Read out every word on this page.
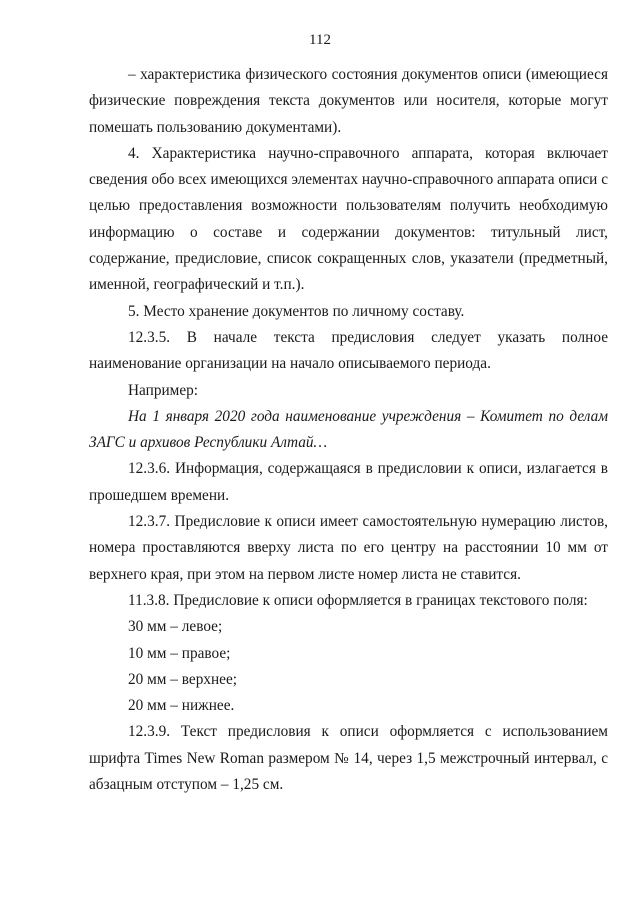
112

– характеристика физического состояния документов описи (имеющиеся физические повреждения текста документов или носителя, которые могут помешать пользованию документами).

4. Характеристика научно-справочного аппарата, которая включает сведения обо всех имеющихся элементах научно-справочного аппарата описи с целью предоставления возможности пользователям получить необходимую информацию о составе и содержании документов: титульный лист, содержание, предисловие, список сокращенных слов, указатели (предметный, именной, географический и т.п.).

5. Место хранение документов по личному составу.

12.3.5. В начале текста предисловия следует указать полное наименование организации на начало описываемого периода.

Например:

На 1 января 2020 года наименование учреждения – Комитет по делам ЗАГС и архивов Республики Алтай…

12.3.6. Информация, содержащаяся в предисловии к описи, излагается в прошедшем времени.

12.3.7. Предисловие к описи имеет самостоятельную нумерацию листов, номера проставляются вверху листа по его центру на расстоянии 10 мм от верхнего края, при этом на первом листе номер листа не ставится.

11.3.8. Предисловие к описи оформляется в границах текстового поля:

30 мм – левое;

10 мм – правое;

20 мм – верхнее;

20 мм – нижнее.

12.3.9. Текст предисловия к описи оформляется с использованием шрифта Times New Roman размером № 14, через 1,5 межстрочный интервал, с абзацным отступом – 1,25 см.
